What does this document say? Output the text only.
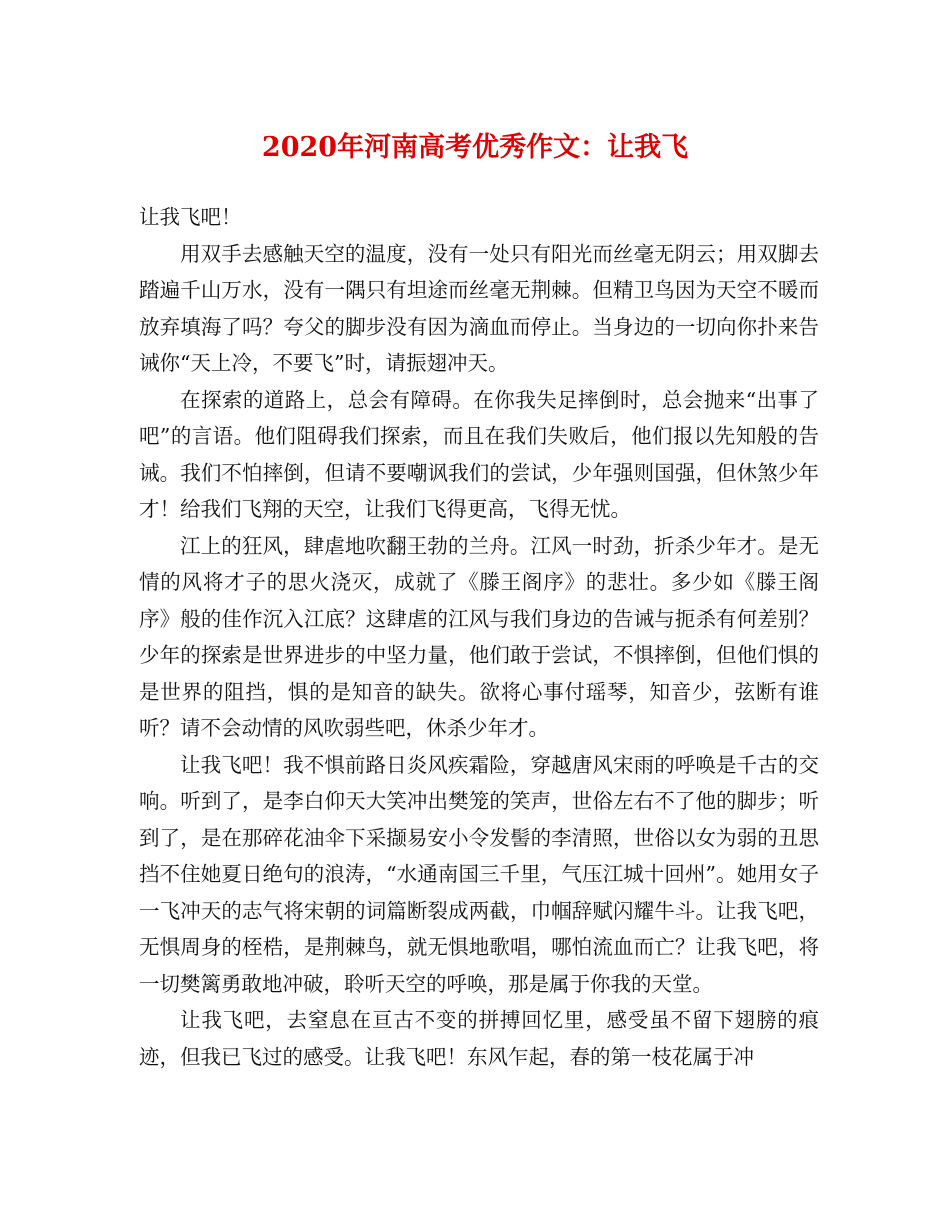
2020年河南高考优秀作文：让我飞

让我飞吧！

用双手去感触天空的温度，没有一处只有阳光而丝毫无阴云；用双脚去踏遍千山万水，没有一隅只有坦途而丝毫无荆棘。但精卫鸟因为天空不暖而放弃填海了吗？夸父的脚步没有因为滴血而停止。当身边的一切向你扑来告诫你“天上冷，不要飞”时，请振翅冲天。

在探索的道路上，总会有障碍。在你我失足摔倒时，总会抛来“出事了吧”的言语。他们阻碍我们探索，而且在我们失败后，他们报以先知般的告诫。我们不怕摔倒，但请不要嘲讽我们的尝试，少年强则国强，但休煞少年才！给我们飞翔的天空，让我们飞得更高，飞得无忧。

江上的狂风，肆虐地吹翻王勃的兰舟。江风一时劲，折杀少年才。是无情的风将才子的思火浇灭，成就了《滕王阁序》的悲壮。多少如《滕王阁序》般的佳作沉入江底？这肆虐的江风与我们身边的告诫与扼杀有何差别？少年的探索是世界进步的中坚力量，他们敢于尝试，不惧摔倒，但他们惧的是世界的阻挡，惧的是知音的缺失。欲将心事付瑶琴，知音少，弦断有谁听？请不会动情的风吹弱些吧，休杀少年才。

让我飞吧！我不惧前路日炎风疾霜险，穿越唐风宋雨的呼唤是千古的交响。听到了，是李白仰天大笑冲出樊笼的笑声，世俗左右不了他的脚步；听到了，是在那碎花油伞下采撷易安小令发髻的李清照，世俗以女为弱的丑思挡不住她夏日绝句的浪涛，“水通南国三千里，气压江城十回州”。她用女子一飞冲天的志气将宋朝的词篇断裂成两截，巾帼辞赋闪耀牛斗。让我飞吧，无惧周身的桎梏，是荆棘鸟，就无惧地歌唱，哪怕流血而亡？让我飞吧，将一切樊篱勇敢地冲破，聆听天空的呼唤，那是属于你我的天堂。

让我飞吧，去窒息在亘古不变的拼搏回忆里，感受虽不留下翅膀的痕迹，但我已飞过的感受。让我飞吧！东风乍起，春的第一枝花属于冲
